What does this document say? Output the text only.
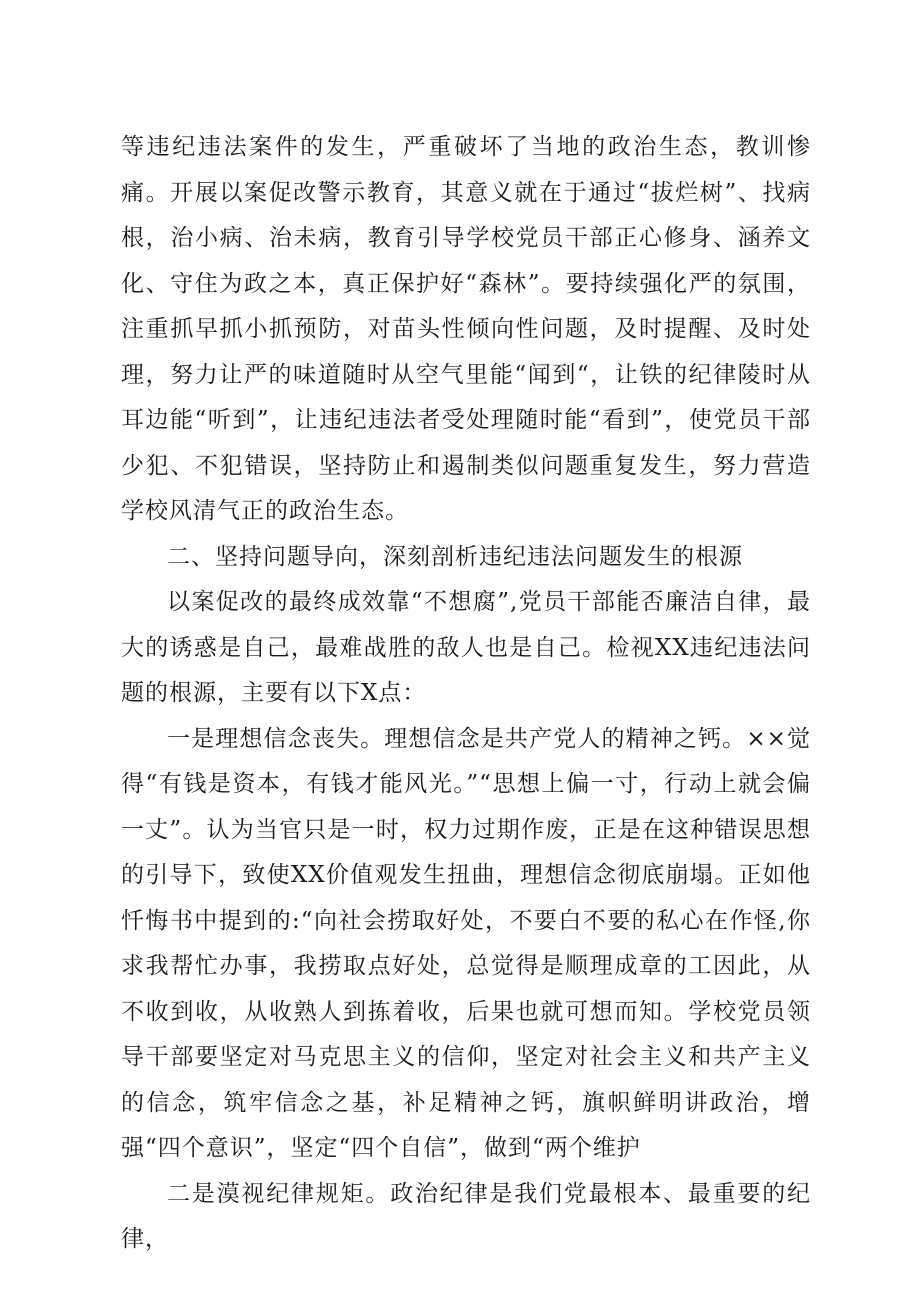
等违纪违法案件的发生，严重破坏了当地的政治生态，教训惨痛。开展以案促改警示教育，其意义就在于通过“拔烂树”、找病根，治小病、治未病，教育引导学校党员干部正心修身、涵养文化、守住为政之本，真正保护好“森林”。要持续强化严的氛围，注重抓早抓小抓预防，对苗头性倾向性问题，及时提醒、及时处理，努力让严的味道随时从空气里能“闻到“，让铁的纪律陵时从耳边能“听到”，让违纪违法者受处理随时能“看到”，使党员干部少犯、不犯错误，坚持防止和遏制类似问题重复发生，努力营造学校风清气正的政治生态。

二、坚持问题导向，深刻剖析违纪违法问题发生的根源

以案促改的最终成效靠“不想腐”,党员干部能否廉洁自律，最大的诱惑是自己，最难战胜的敌人也是自己。检视XX违纪违法问题的根源，主要有以下X点：

一是理想信念丧失。理想信念是共产党人的精神之钙。××觉得“有钱是资本，有钱才能风光。”“思想上偏一寸，行动上就会偏一丈”。认为当官只是一时，权力过期作废，正是在这种错误思想的引导下，致使XX价值观发生扭曲，理想信念彻底崩塌。正如他忏悔书中提到的:“向社会捞取好处，不要白不要的私心在作怪,你求我帮忙办事，我捞取点好处，总觉得是顺理成章的工因此，从不收到收，从收熟人到拣着收，后果也就可想而知。学校党员领导干部要坚定对马克思主义的信仰，坚定对社会主义和共产主义的信念，筑牢信念之基，补足精神之钙，旗帜鲜明讲政治，增强“四个意识”，坚定“四个自信”，做到“两个维护

二是漠视纪律规矩。政治纪律是我们党最根本、最重要的纪律，
